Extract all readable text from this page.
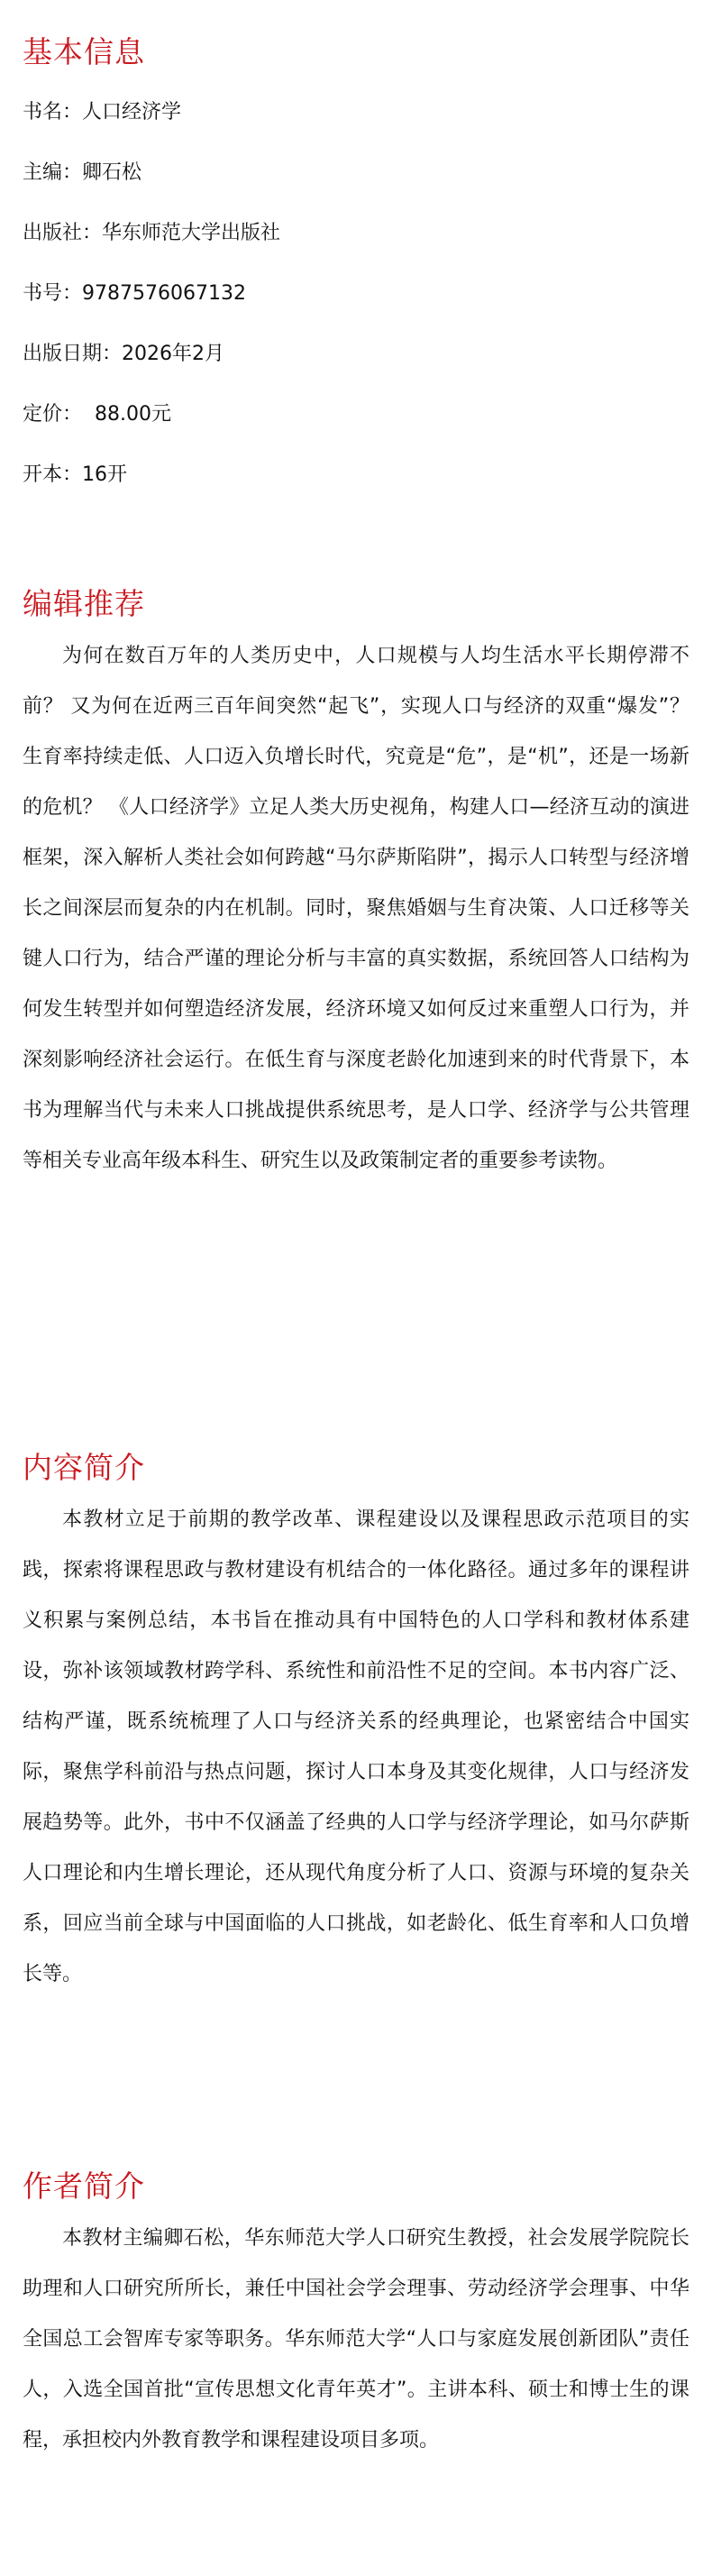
基本信息

书名：人口经济学

主编：卿石松

出版社：华东师范大学出版社

书号：9787576067132

出版日期：2026年2月

定价：  88.00元

开本：16开

编辑推荐

为何在数百万年的人类历史中，人口规模与人均生活水平长期停滞不前？ 又为何在近两三百年间突然“起飞”，实现人口与经济的双重“爆发”？ 生育率持续走低、人口迈入负增长时代，究竟是“危”，是“机”，还是一场新的危机？ 《人口经济学》立足人类大历史视角，构建人口—经济互动的演进框架，深入解析人类社会如何跨越“马尔萨斯陷阱”，揭示人口转型与经济增长之间深层而复杂的内在机制。同时，聚焦婚姻与生育决策、人口迁移等关键人口行为，结合严谨的理论分析与丰富的真实数据，系统回答人口结构为何发生转型并如何塑造经济发展，经济环境又如何反过来重塑人口行为，并深刻影响经济社会运行。在低生育与深度老龄化加速到来的时代背景下，本书为理解当代与未来人口挑战提供系统思考，是人口学、经济学与公共管理等相关专业高年级本科生、研究生以及政策制定者的重要参考读物。

内容简介

本教材立足于前期的教学改革、课程建设以及课程思政示范项目的实践，探索将课程思政与教材建设有机结合的一体化路径。通过多年的课程讲义积累与案例总结，本书旨在推动具有中国特色的人口学科和教材体系建设，弥补该领域教材跨学科、系统性和前沿性不足的空间。本书内容广泛、结构严谨，既系统梳理了人口与经济关系的经典理论，也紧密结合中国实际，聚焦学科前沿与热点问题，探讨人口本身及其变化规律，人口与经济发展趋势等。此外，书中不仅涵盖了经典的人口学与经济学理论，如马尔萨斯人口理论和内生增长理论，还从现代角度分析了人口、资源与环境的复杂关系，回应当前全球与中国面临的人口挑战，如老龄化、低生育率和人口负增长等。

作者简介

本教材主编卿石松，华东师范大学人口研究生教授，社会发展学院院长助理和人口研究所所长，兼任中国社会学会理事、劳动经济学会理事、中华全国总工会智库专家等职务。华东师范大学“人口与家庭发展创新团队”责任人，入选全国首批“宣传思想文化青年英才”。主讲本科、硕士和博士生的课程，承担校内外教育教学和课程建设项目多项。
